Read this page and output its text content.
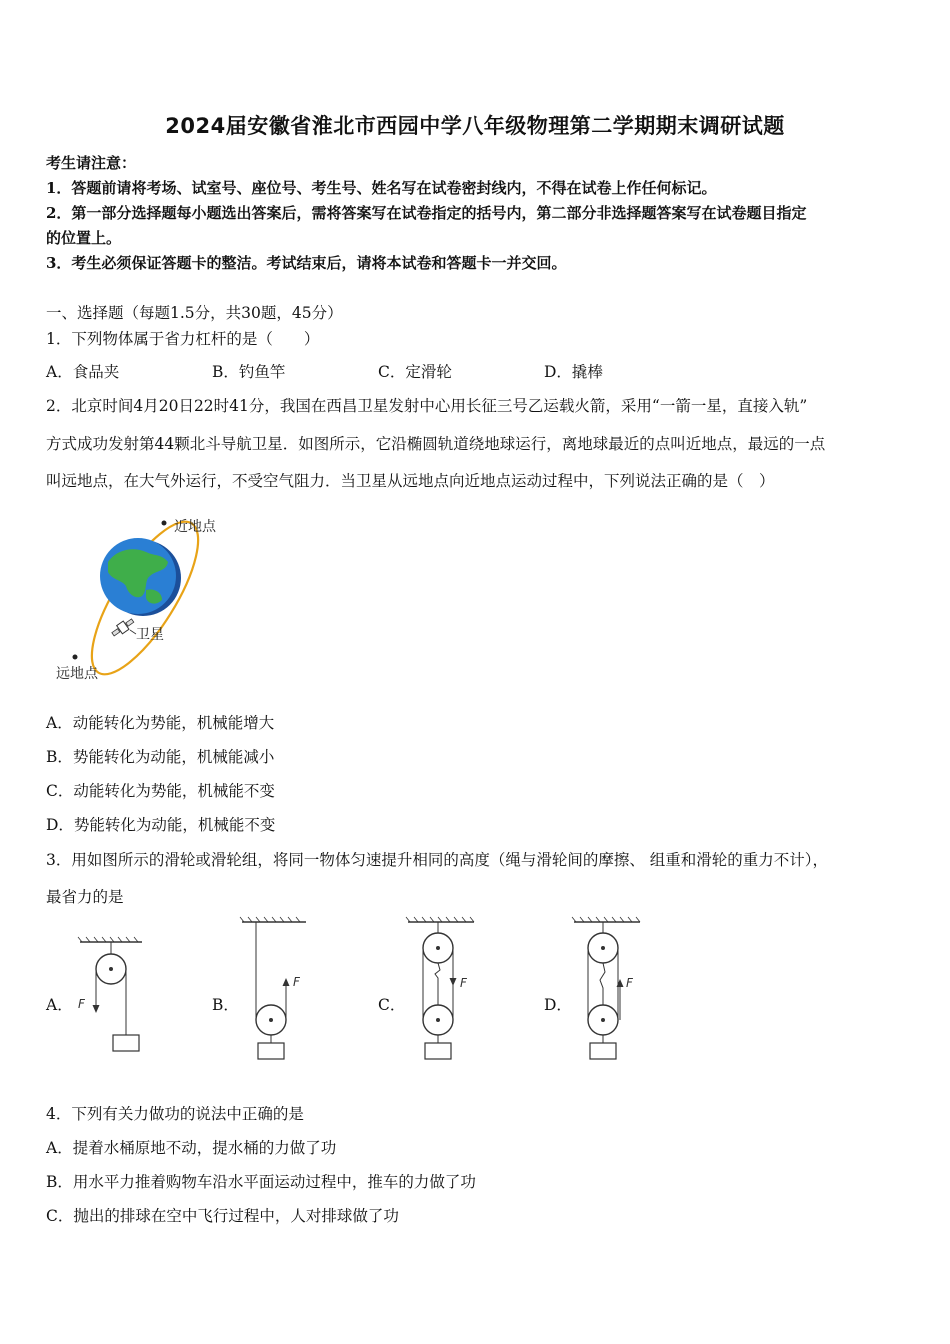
2024届安徽省淮北市西园中学八年级物理第二学期期末调研试题
考生请注意：
1．答题前请将考场、试室号、座位号、考生号、姓名写在试卷密封线内，不得在试卷上作任何标记。
2．第一部分选择题每小题选出答案后，需将答案写在试卷指定的括号内，第二部分非选择题答案写在试卷题目指定
的位置上。
3．考生必须保证答题卡的整洁。考试结束后，请将本试卷和答题卡一并交回。
一、选择题（每题1.5分，共30题，45分）
1．下列物体属于省力杠杆的是（　　）
A．食品夹	B．钓鱼竿	C．定滑轮	D．撬棒
2．北京时间4月20日22时41分，我国在西昌卫星发射中心用长征三号乙运载火箭，采用“一箭一星，直接入轨”
方式成功发射第44颗北斗导航卫星．如图所示，它沿椭圆轨道绕地球运行，离地球最近的点叫近地点，最远的一点
叫远地点，在大气外运行，不受空气阻力．当卫星从远地点向近地点运动过程中，下列说法正确的是（　）
近地点
卫星
远地点
A．动能转化为势能，机械能增大
B．势能转化为动能，机械能减小
C．动能转化为势能，机械能不变
D．势能转化为动能，机械能不变
3．用如图所示的滑轮或滑轮组，将同一物体匀速提升相同的高度（绳与滑轮间的摩擦、 组重和滑轮的重力不计），
最省力的是
A． F	B．
F
C．
F
D．
F
4．下列有关力做功的说法中正确的是
A．提着水桶原地不动，提水桶的力做了功
B．用水平力推着购物车沿水平面运动过程中，推车的力做了功
C．抛出的排球在空中飞行过程中，人对排球做了功
